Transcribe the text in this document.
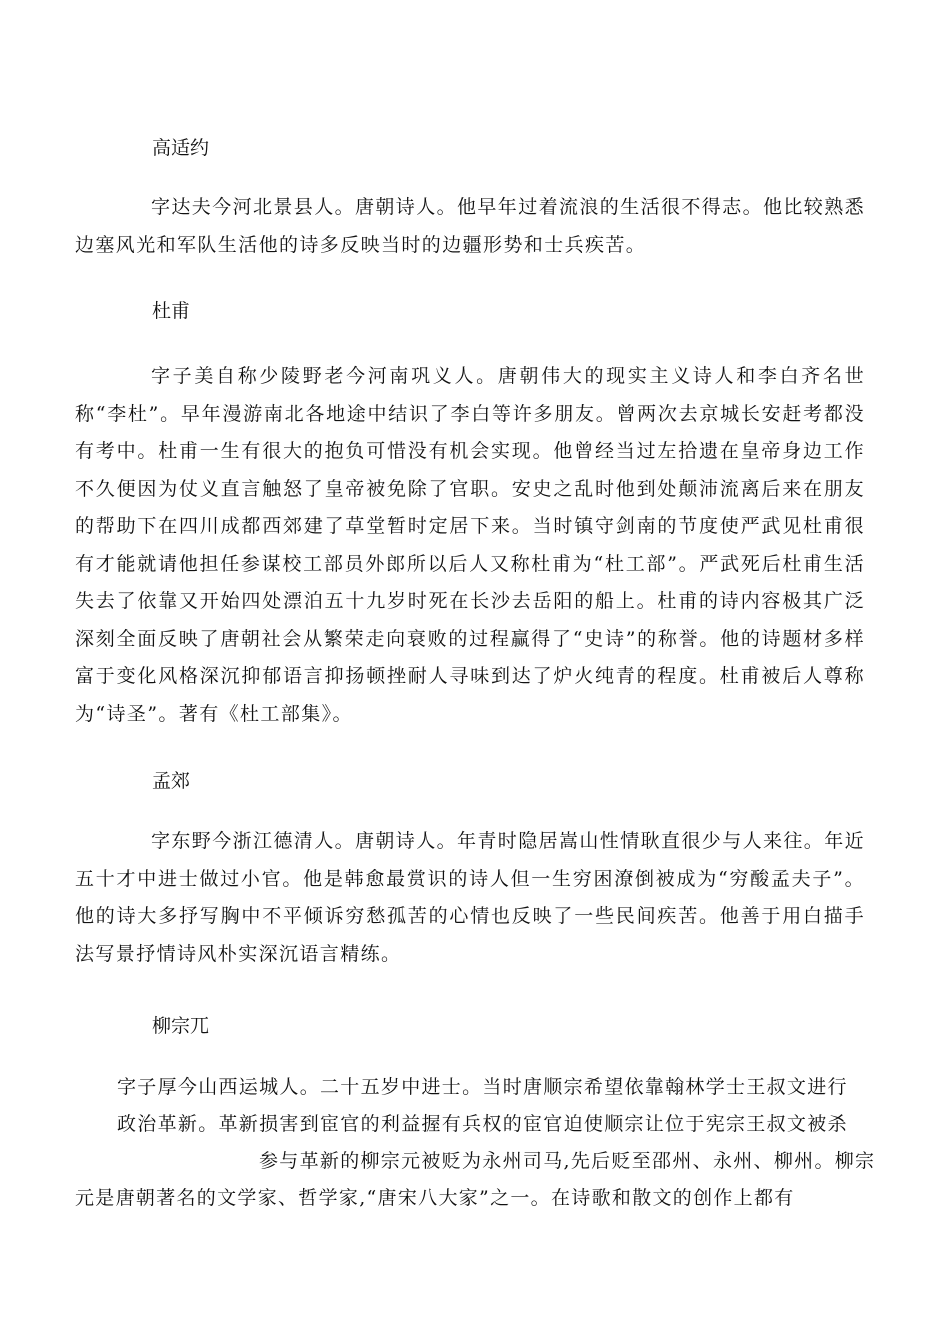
高适约

字达夫今河北景县人。唐朝诗人。他早年过着流浪的生活很不得志。他比较熟悉边塞风光和军队生活他的诗多反映当时的边疆形势和士兵疾苦。

杜甫

字子美自称少陵野老今河南巩义人。唐朝伟大的现实主义诗人和李白齐名世称“李杜”。早年漫游南北各地途中结识了李白等许多朋友。曾两次去京城长安赶考都没有考中。杜甫一生有很大的抱负可惜没有机会实现。他曾经当过左拾遗在皇帝身边工作不久便因为仗义直言触怒了皇帝被免除了官职。安史之乱时他到处颠沛流离后来在朋友的帮助下在四川成都西郊建了草堂暂时定居下来。当时镇守剑南的节度使严武见杜甫很有才能就请他担任参谋校工部员外郎所以后人又称杜甫为“杜工部”。严武死后杜甫生活失去了依靠又开始四处漂泊五十九岁时死在长沙去岳阳的船上。杜甫的诗内容极其广泛深刻全面反映了唐朝社会从繁荣走向衰败的过程赢得了“史诗”的称誉。他的诗题材多样富于变化风格深沉抑郁语言抑扬顿挫耐人寻味到达了炉火纯青的程度。杜甫被后人尊称为“诗圣”。著有《杜工部集》。

孟郊

字东野今浙江德清人。唐朝诗人。年青时隐居嵩山性情耿直很少与人来往。年近五十才中进士做过小官。他是韩愈最赏识的诗人但一生穷困潦倒被成为“穷酸孟夫子”。他的诗大多抒写胸中不平倾诉穷愁孤苦的心情也反映了一些民间疾苦。他善于用白描手法写景抒情诗风朴实深沉语言精练。

柳宗兀
字子厚今山西运城人。二十五岁中进士。当时唐顺宗希望依靠翰林学士王叔文进行
政治革新。革新损害到宦官的利益握有兵权的宦官迫使顺宗让位于宪宗王叔文被杀
参与革新的柳宗元被贬为永州司马,先后贬至邵州、永州、柳州。柳宗
元是唐朝著名的文学家、哲学家,“唐宋八大家”之一。在诗歌和散文的创作上都有
